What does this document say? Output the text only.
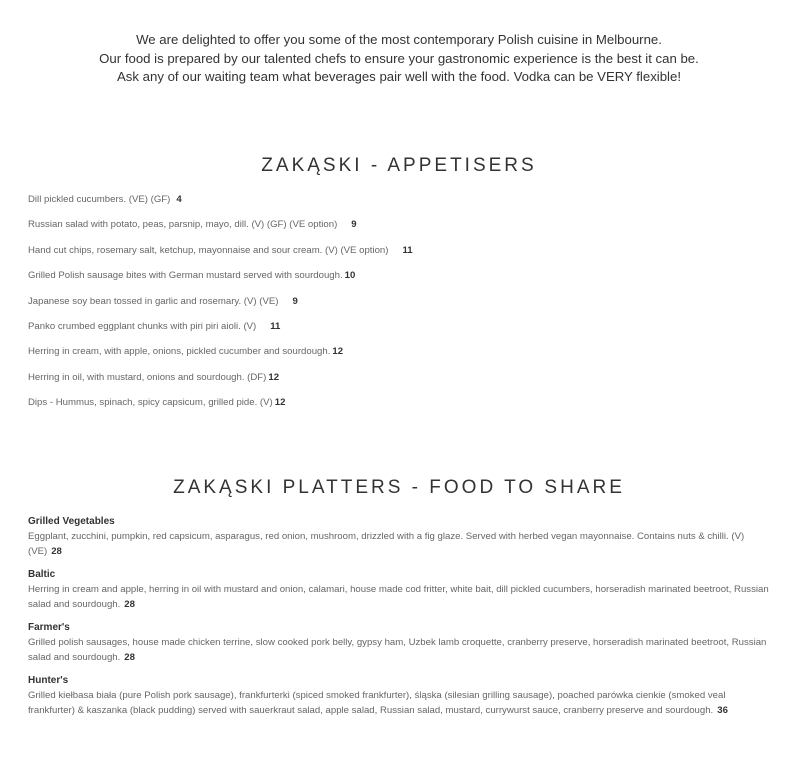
We are delighted to offer you some of the most contemporary Polish cuisine in Melbourne.
Our food is prepared by our talented chefs to ensure your gastronomic experience is the best it can be.
Ask any of our waiting team what beverages pair well with the food. Vodka can be VERY flexible!
ZAKĄSKI - APPETISERS
Dill pickled cucumbers. (VE) (GF) 4
Russian salad with potato, peas, parsnip, mayo, dill. (V) (GF) (VE option) 9
Hand cut chips, rosemary salt, ketchup, mayonnaise and sour cream. (V) (VE option) 11
Grilled Polish sausage bites with German mustard served with sourdough. 10
Japanese soy bean tossed in garlic and rosemary. (V) (VE) 9
Panko crumbed eggplant chunks with piri piri aioli. (V) 11
Herring in cream, with apple, onions, pickled cucumber and sourdough. 12
Herring in oil, with mustard, onions and sourdough. (DF) 12
Dips - Hummus, spinach, spicy capsicum, grilled pide. (V) 12
ZAKĄSKI PLATTERS - FOOD TO SHARE
Grilled Vegetables
Eggplant, zucchini, pumpkin, red capsicum, asparagus, red onion, mushroom, drizzled with a fig glaze. Served with herbed vegan mayonnaise. Contains nuts & chilli. (V) (VE) 28
Baltic
Herring in cream and apple, herring in oil with mustard and onion, calamari, house made cod fritter, white bait, dill pickled cucumbers, horseradish marinated beetroot, Russian salad and sourdough. 28
Farmer's
Grilled polish sausages, house made chicken terrine, slow cooked pork belly, gypsy ham, Uzbek lamb croquette, cranberry preserve, horseradish marinated beetroot, Russian salad and sourdough. 28
Hunter's
Grilled kiełbasa biała (pure Polish pork sausage), frankfurterki (spiced smoked frankfurter), śląska (silesian grilling sausage), poached parówka cienkie (smoked veal frankfurter) & kaszanka (black pudding) served with sauerkraut salad, apple salad, Russian salad, mustard, currywurst sauce, cranberry preserve and sourdough. 36
